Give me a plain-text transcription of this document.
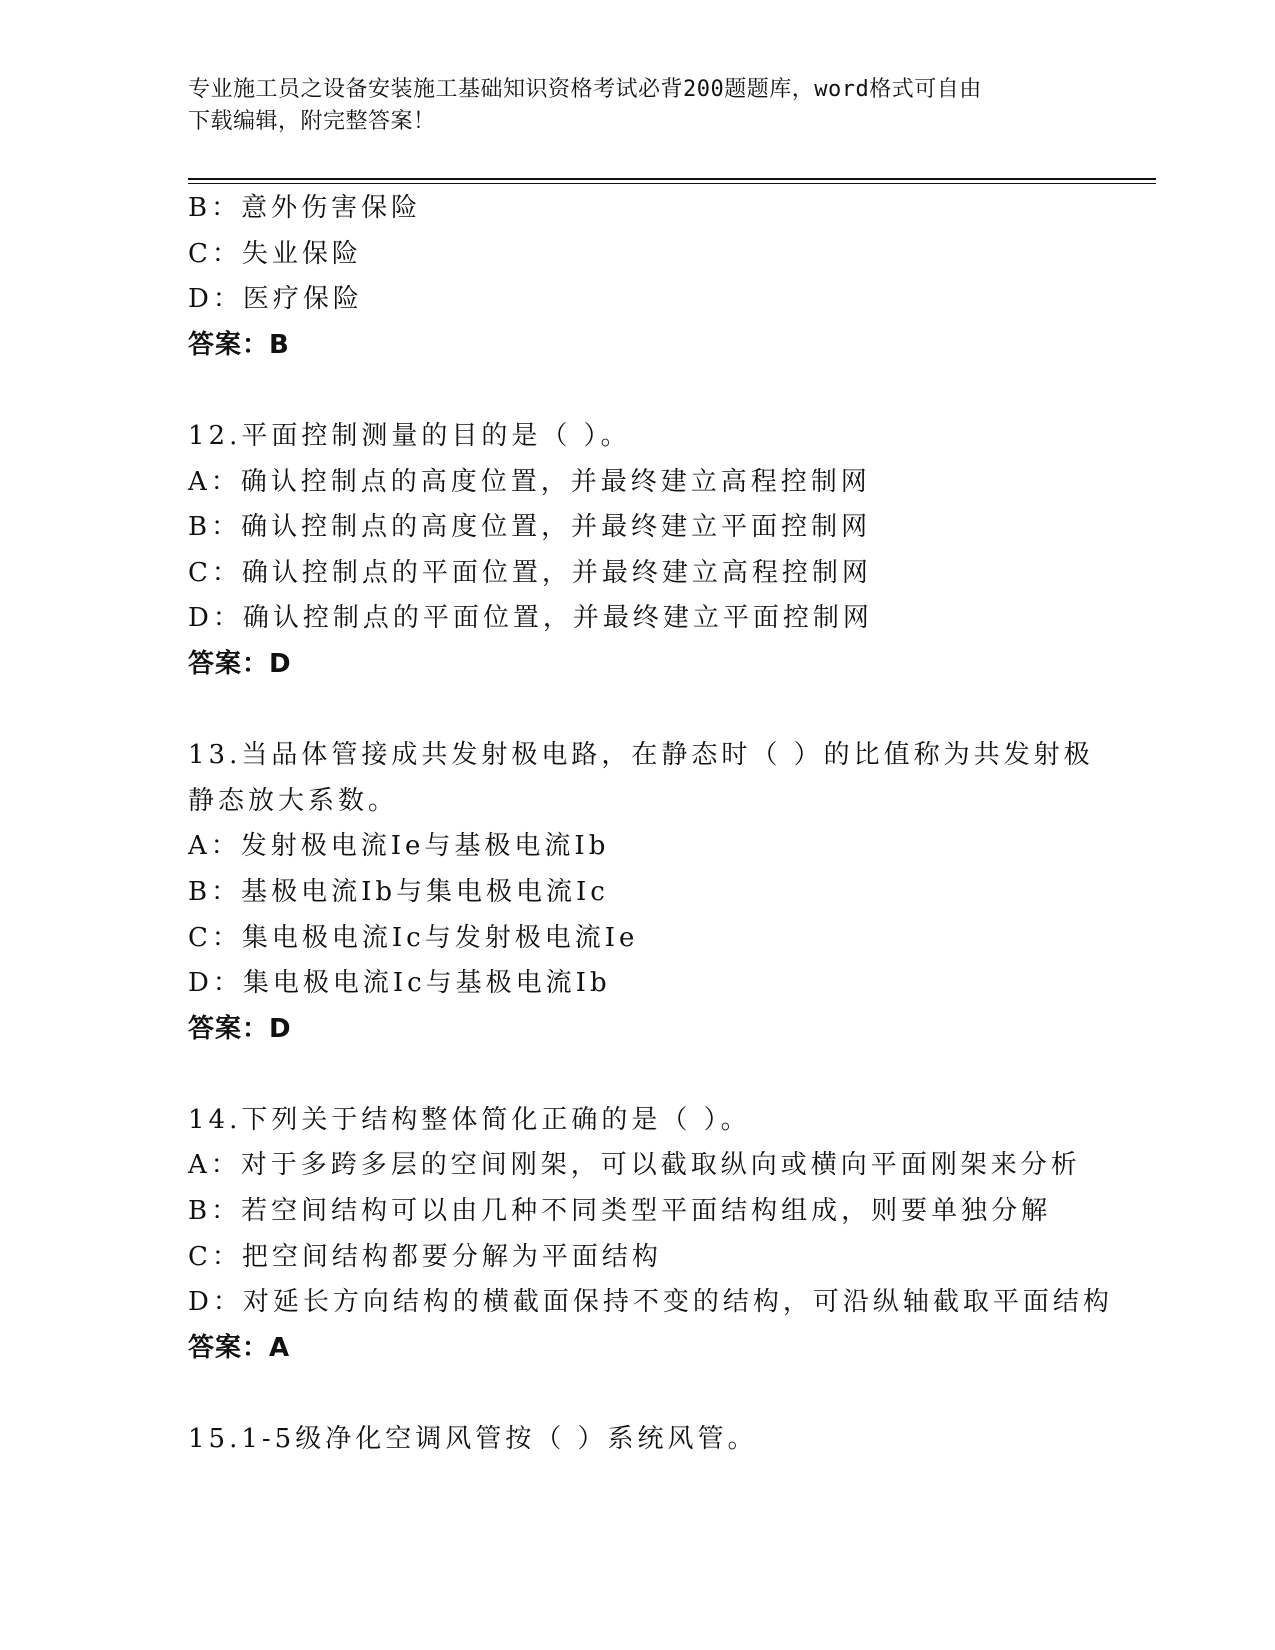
专业施工员之设备安装施工基础知识资格考试必背200题题库，word格式可自由
下载编辑，附完整答案！
B：意外伤害保险
C：失业保险
D：医疗保险
答案：B
12.平面控制测量的目的是（ ）。
A：确认控制点的高度位置，并最终建立高程控制网
B：确认控制点的高度位置，并最终建立平面控制网
C：确认控制点的平面位置，并最终建立高程控制网
D：确认控制点的平面位置，并最终建立平面控制网
答案：D
13.当品体管接成共发射极电路，在静态时（ ）的比值称为共发射极
静态放大系数。
A：发射极电流Ie与基极电流Ib
B：基极电流Ib与集电极电流Ic
C：集电极电流Ic与发射极电流Ie
D：集电极电流Ic与基极电流Ib
答案：D
14.下列关于结构整体简化正确的是（ ）。
A：对于多跨多层的空间刚架，可以截取纵向或横向平面刚架来分析
B：若空间结构可以由几种不同类型平面结构组成，则要单独分解
C：把空间结构都要分解为平面结构
D：对延长方向结构的横截面保持不变的结构，可沿纵轴截取平面结构
答案：A
15.1-5级净化空调风管按（ ）系统风管。
